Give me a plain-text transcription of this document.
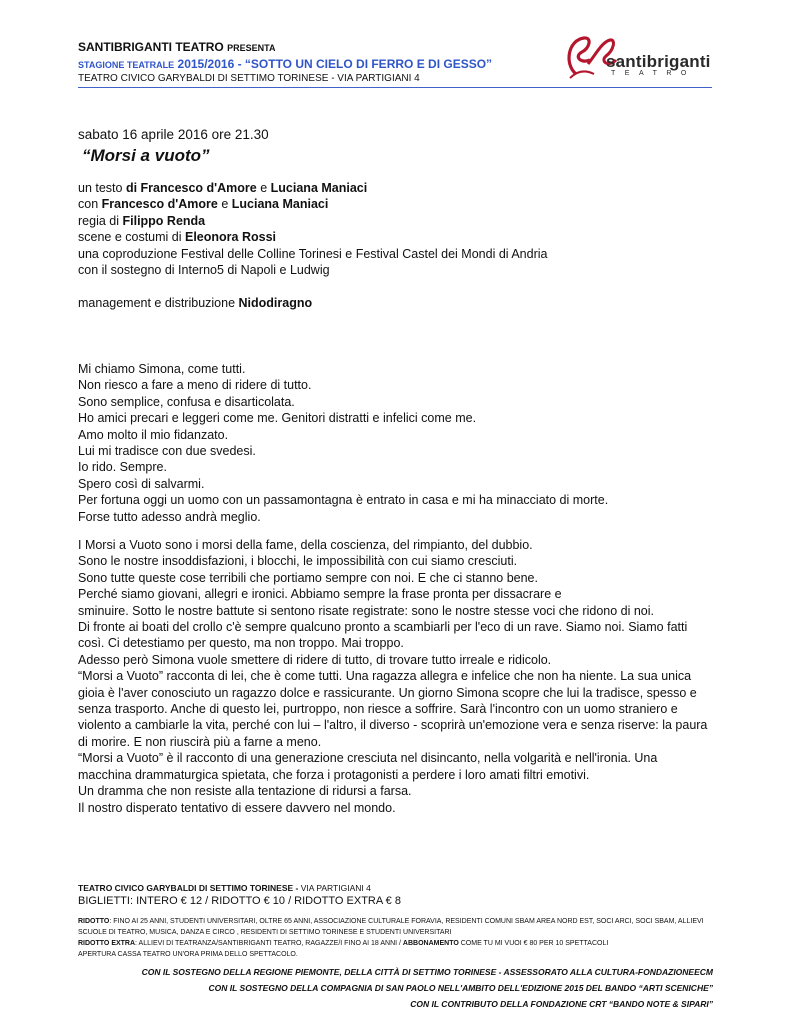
SANTIBRIGANTI TEATRO PRESENTA
STAGIONE TEATRALE 2015/2016 - “SOTTO UN CIELO DI FERRO E DI GESSO”
TEATRO CIVICO GARYBALDI DI SETTIMO TORINESE - VIA PARTIGIANI 4
santibriganti
TEATRO
sabato 16 aprile 2016 ore 21.30
“Morsi a vuoto”
un testo di Francesco d'Amore e Luciana Maniaci
con Francesco d'Amore e Luciana Maniaci
regia di Filippo Renda
scene e costumi di Eleonora Rossi
una coproduzione Festival delle Colline Torinesi e Festival Castel dei Mondi di Andria
con il sostegno di Interno5 di Napoli e Ludwig
management e distribuzione Nidodiragno
Mi chiamo Simona, come tutti.
Non riesco a fare a meno di ridere di tutto.
Sono semplice, confusa e disarticolata.
Ho amici precari e leggeri come me. Genitori distratti e infelici come me.
Amo molto il mio fidanzato.
Lui mi tradisce con due svedesi.
Io rido. Sempre.
Spero così di salvarmi.
Per fortuna oggi un uomo con un passamontagna è entrato in casa e mi ha minacciato di morte.
Forse tutto adesso andrà meglio.
I Morsi a Vuoto sono i morsi della fame, della coscienza, del rimpianto, del dubbio.
Sono le nostre insoddisfazioni, i blocchi, le impossibilità con cui siamo cresciuti.
Sono tutte queste cose terribili che portiamo sempre con noi. E che ci stanno bene.
Perché siamo giovani, allegri e ironici. Abbiamo sempre la frase pronta per dissacrare e
sminuire. Sotto le nostre battute si sentono risate registrate: sono le nostre stesse voci che ridono di noi.
Di fronte ai boati del crollo c'è sempre qualcuno pronto a scambiarli per l'eco di un rave. Siamo noi. Siamo fatti
così. Ci detestiamo per questo, ma non troppo. Mai troppo.
Adesso però Simona vuole smettere di ridere di tutto, di trovare tutto irreale e ridicolo.
“Morsi a Vuoto” racconta di lei, che è come tutti. Una ragazza allegra e infelice che non ha niente. La sua unica
gioia è l'aver conosciuto un ragazzo dolce e rassicurante. Un giorno Simona scopre che lui la tradisce, spesso e
senza trasporto. Anche di questo lei, purtroppo, non riesce a soffrire. Sarà l'incontro con un uomo straniero e
violento a cambiarle la vita, perché con lui – l'altro, il diverso - scoprirà un'emozione vera e senza riserve: la paura
di morire. E non riuscirà più a farne a meno.
“Morsi a Vuoto” è il racconto di una generazione cresciuta nel disincanto, nella volgarità e nell'ironia. Una
macchina drammaturgica spietata, che forza i protagonisti a perdere i loro amati filtri emotivi.
Un dramma che non resiste alla tentazione di ridursi a farsa.
Il nostro disperato tentativo di essere davvero nel mondo.
TEATRO CIVICO GARYBALDI DI SETTIMO TORINESE - VIA PARTIGIANI 4
BIGLIETTI: INTERO € 12 / RIDOTTO € 10 / RIDOTTO EXTRA € 8
RIDOTTO: FINO AI 25 ANNI, STUDENTI UNIVERSITARI, OLTRE 65 ANNI, ASSOCIAZIONE CULTURALE FORAVIA, RESIDENTI COMUNI SBAM AREA NORD EST, SOCI ARCI, SOCI SBAM, ALLIEVI SCUOLE DI TEATRO, MUSICA, DANZA E CIRCO , RESIDENTI DI SETTIMO TORINESE E STUDENTI UNIVERSITARI
RIDOTTO EXTRA: ALLIEVI DI TEATRANZA/SANTIBRIGANTI TEATRO, RAGAZZE/I FINO AI 18 ANNI / ABBONAMENTO COME TU MI VUOI € 80 PER 10 SPETTACOLI
APERTURA CASSA TEATRO UN'ORA PRIMA DELLO SPETTACOLO.
CON IL SOSTEGNO DELLA REGIONE PIEMONTE, DELLA CITTÀ DI SETTIMO TORINESE - ASSESSORATO ALLA CULTURA-FONDAZIONEECM
CON IL SOSTEGNO DELLA COMPAGNIA DI SAN PAOLO NELL'AMBITO DELL'EDIZIONE 2015 DEL BANDO “ARTI SCENICHE”
CON IL CONTRIBUTO DELLA FONDAZIONE CRT “BANDO NOTE & SIPARI”
